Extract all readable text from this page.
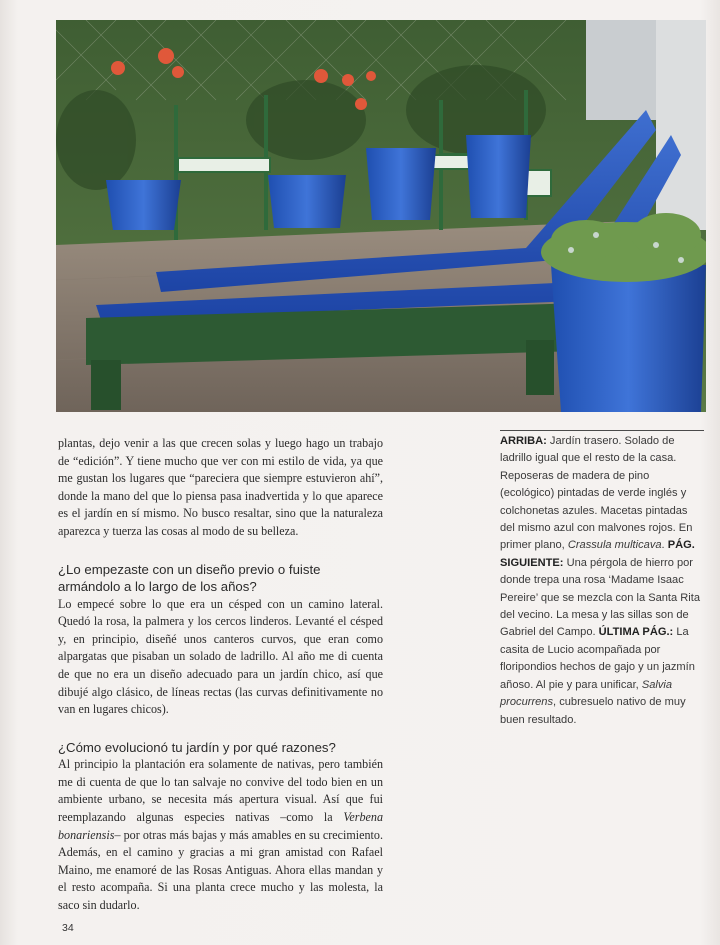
plantas, dejo venir a las que crecen solas y luego hago un trabajo de “edición”. Y tiene mucho que ver con mi estilo de vida, ya que me gustan los lugares que “pareciera que siempre estuvieron ahí”, donde la mano del que lo piensa pasa inadvertida y lo que aparece es el jardín en sí mismo. No busco resaltar, sino que la naturaleza aparezca y tuerza las cosas al modo de su belleza.

¿Lo empezaste con un diseño previo o fuiste armándolo a lo largo de los años?

Lo empecé sobre lo que era un césped con un camino lateral. Quedó la rosa, la palmera y los cercos linderos. Levanté el césped y, en principio, diseñé unos canteros curvos, que eran como alpargatas que pisaban un solado de ladrillo. Al año me di cuenta de que no era un diseño adecuado para un jardín chico, así que dibujé algo clásico, de líneas rectas (las curvas definitivamente no van en lugares chicos).

¿Cómo evolucionó tu jardín y por qué razones?

Al principio la plantación era solamente de nativas, pero también me di cuenta de que lo tan salvaje no convive del todo bien en un ambiente urbano, se necesita más apertura visual. Así que fui reemplazando algunas especies nativas –como la Verbena bonariensis– por otras más bajas y más amables en su crecimiento. Además, en el camino y gracias a mi gran amistad con Rafael Maino, me enamoré de las Rosas Antiguas. Ahora ellas mandan y el resto acompaña. Si una planta crece mucho y las molesta, la saco sin dudarlo.

ARRIBA: Jardín trasero. Solado de ladrillo igual que el resto de la casa. Reposeras de madera de pino (ecológico) pintadas de verde inglés y colchonetas azules. Macetas pintadas del mismo azul con malvones rojos. En primer plano, Crassula multicava. PÁG. SIGUIENTE: Una pérgola de hierro por donde trepa una rosa ‘Madame Isaac Pereire’ que se mezcla con la Santa Rita del vecino. La mesa y las sillas son de Gabriel del Campo. ÚLTIMA PÁG.: La casita de Lucio acompañada por floripondios hechos de gajo y un jazmín añoso. Al pie y para unificar, Salvia procurrens, cubresuelo nativo de muy buen resultado.

34
